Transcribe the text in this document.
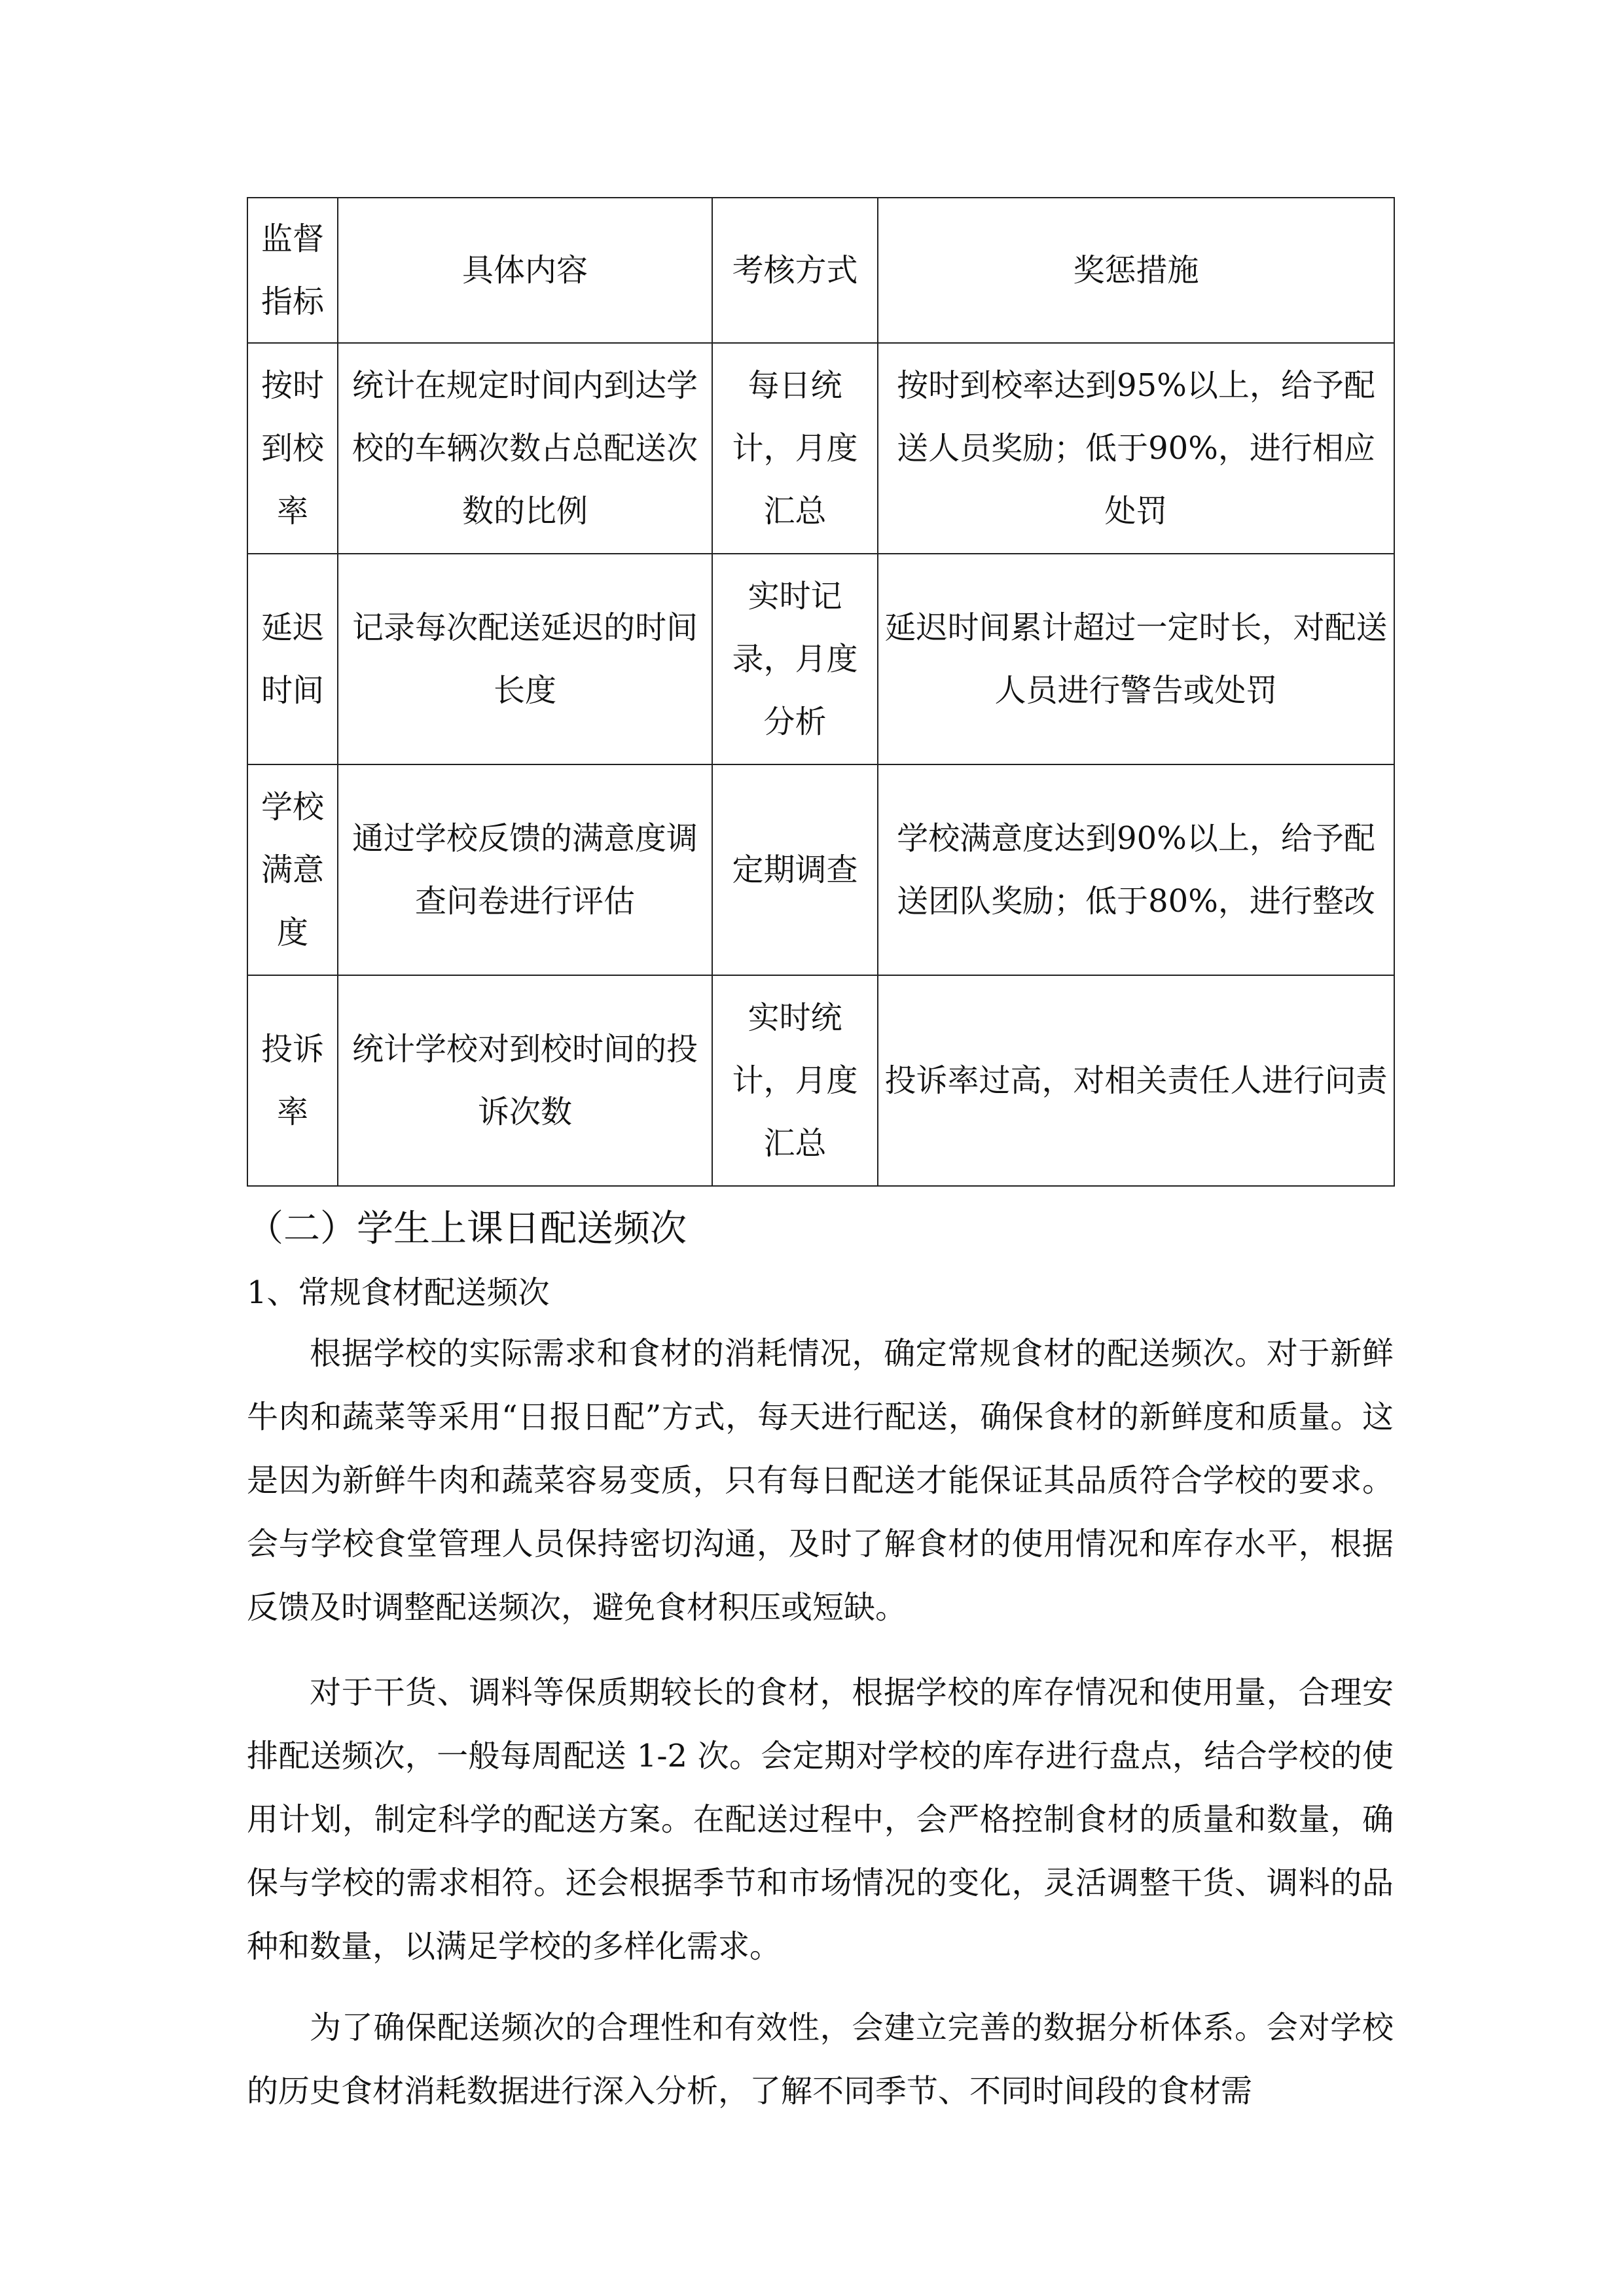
监督指标	具体内容	考核方式	奖惩措施

按时到校率	统计在规定时间内到达学校的车辆次数占总配送次数的比例	每日统计，月度汇总	按时到校率达到95%以上，给予配送人员奖励；低于90%，进行相应处罚

延迟时间	记录每次配送延迟的时间长度	实时记录，月度分析	延迟时间累计超过一定时长，对配送人员进行警告或处罚

学校满意度	通过学校反馈的满意度调查问卷进行评估	定期调查	学校满意度达到90%以上，给予配送团队奖励；低于80%，进行整改

投诉率	统计学校对到校时间的投诉次数	实时统计，月度汇总	投诉率过高，对相关责任人进行问责
（二）学生上课日配送频次
1、常规食材配送频次

根据学校的实际需求和食材的消耗情况，确定常规食材的配送频次。对于新鲜牛肉和蔬菜等采用“日报日配”方式，每天进行配送，确保食材的新鲜度和质量。这是因为新鲜牛肉和蔬菜容易变质，只有每日配送才能保证其品质符合学校的要求。会与学校食堂管理人员保持密切沟通，及时了解食材的使用情况和库存水平，根据反馈及时调整配送频次，避免食材积压或短缺。

对于干货、调料等保质期较长的食材，根据学校的库存情况和使用量，合理安排配送频次，一般每周配送 1-2 次。会定期对学校的库存进行盘点，结合学校的使用计划，制定科学的配送方案。在配送过程中，会严格控制食材的质量和数量，确保与学校的需求相符。还会根据季节和市场情况的变化，灵活调整干货、调料的品种和数量，以满足学校的多样化需求。

为了确保配送频次的合理性和有效性，会建立完善的数据分析体系。会对学校的历史食材消耗数据进行深入分析，了解不同季节、不同时间段的食材需
